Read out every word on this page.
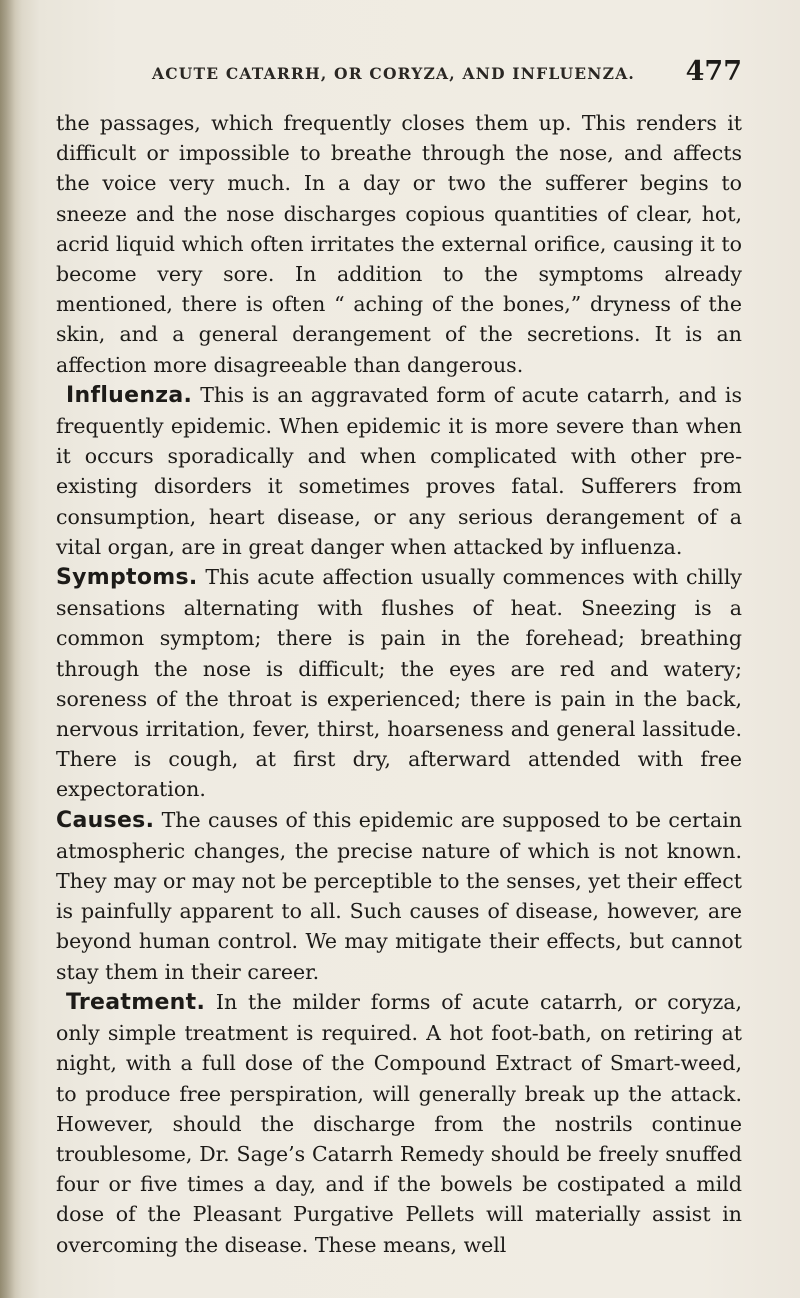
ACUTE CATARRH, OR CORYZA, AND INFLUENZA. 477

the passages, which frequently closes them up. This renders it difficult or impossible to breathe through the nose, and affects the voice very much. In a day or two the sufferer begins to sneeze and the nose discharges copious quantities of clear, hot, acrid liquid which often irritates the external orifice, causing it to become very sore. In addition to the symptoms already mentioned, there is often “ aching of the bones,” dryness of the skin, and a general derangement of the secretions. It is an affection more disagreeable than dangerous.

Influenza. This is an aggravated form of acute catarrh, and is frequently epidemic. When epidemic it is more severe than when it occurs sporadically and when complicated with other pre-existing disorders it sometimes proves fatal. Sufferers from consumption, heart disease, or any serious derangement of a vital organ, are in great danger when attacked by influenza.

Symptoms. This acute affection usually commences with chilly sensations alternating with flushes of heat. Sneezing is a common symptom; there is pain in the forehead; breathing through the nose is difficult; the eyes are red and watery; soreness of the throat is experienced; there is pain in the back, nervous irritation, fever, thirst, hoarseness and general lassitude. There is cough, at first dry, afterward attended with free expectoration.

Causes. The causes of this epidemic are supposed to be certain atmospheric changes, the precise nature of which is not known. They may or may not be perceptible to the senses, yet their effect is painfully apparent to all. Such causes of disease, however, are beyond human control. We may mitigate their effects, but cannot stay them in their career.

Treatment. In the milder forms of acute catarrh, or coryza, only simple treatment is required. A hot foot-bath, on retiring at night, with a full dose of the Compound Extract of Smart-weed, to produce free perspiration, will generally break up the attack. However, should the discharge from the nostrils continue troublesome, Dr. Sage’s Catarrh Remedy should be freely snuffed four or five times a day, and if the bowels be costipated a mild dose of the Pleasant Purgative Pellets will materially assist in overcoming the disease. These means, well
